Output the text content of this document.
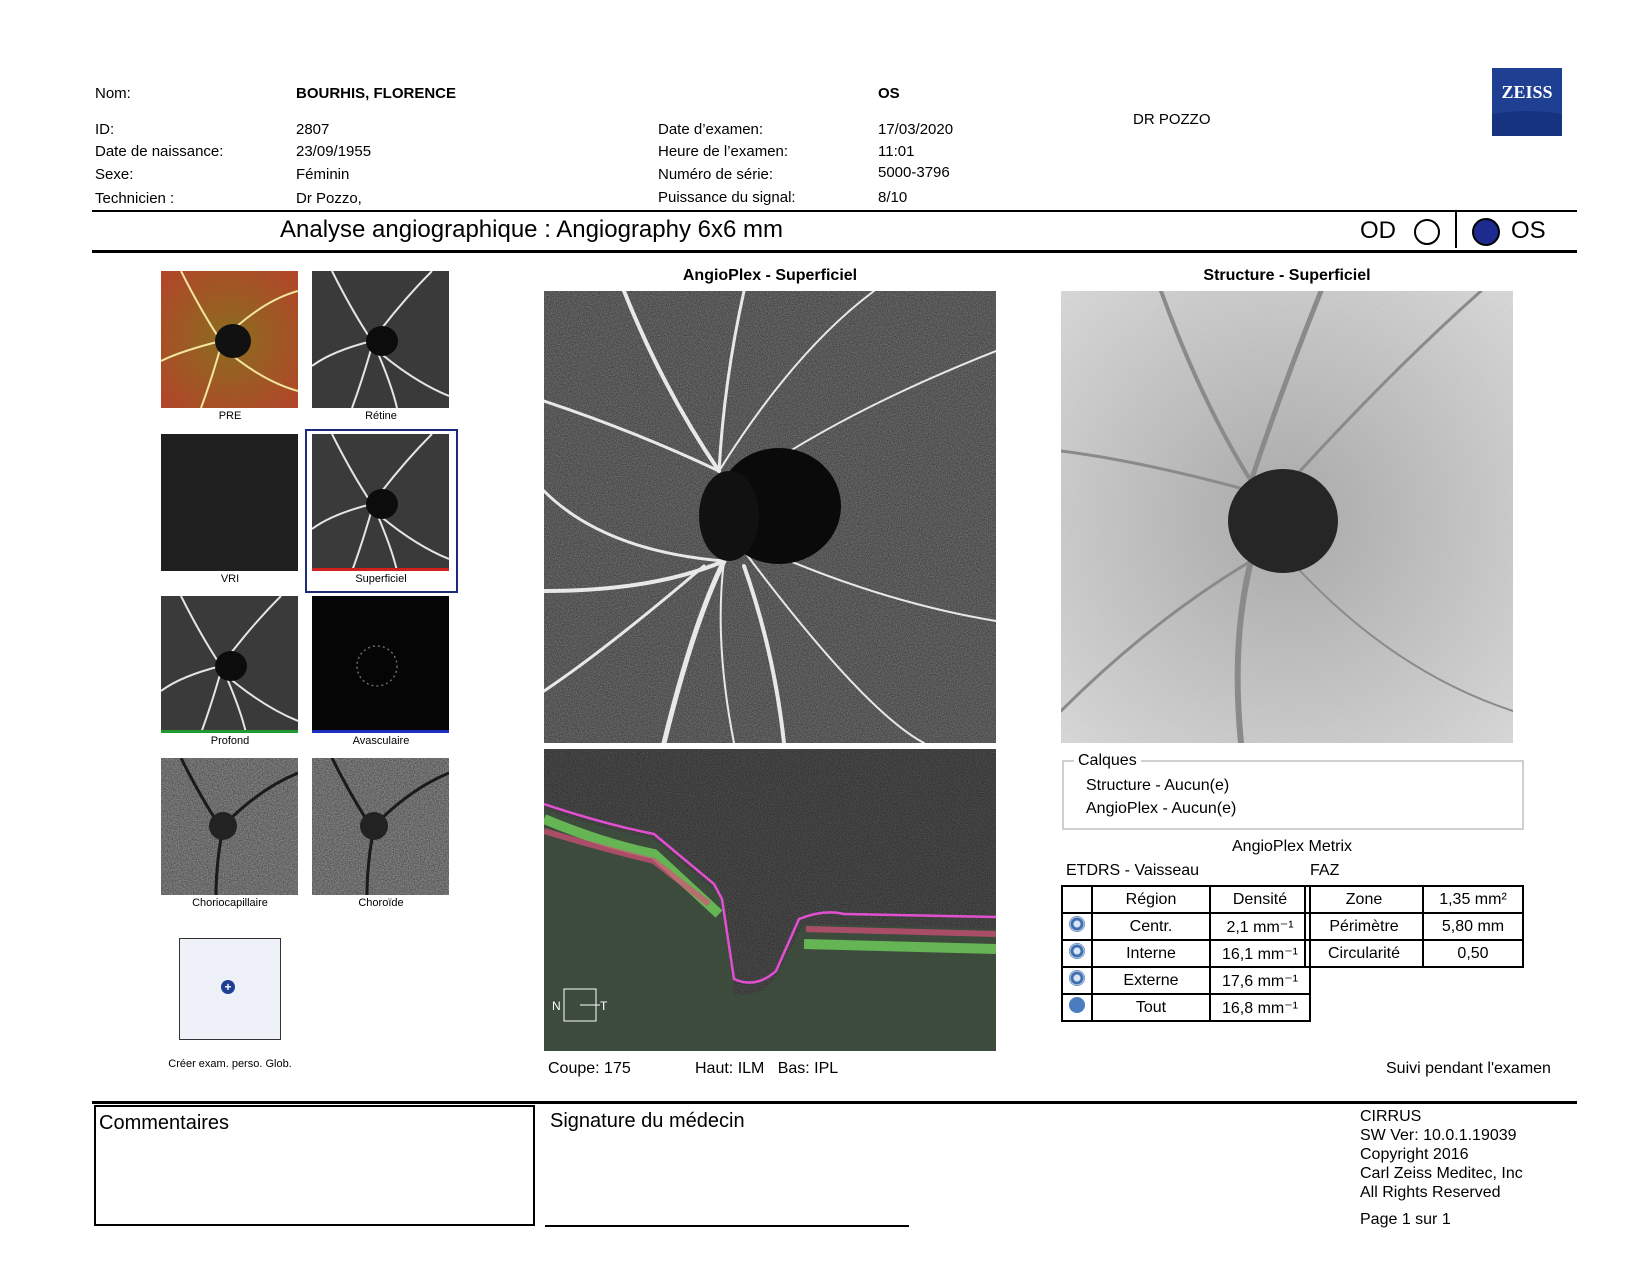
Nom:	BOURHIS, FLORENCE	OS
ID:	2807
Date de naissance:	23/09/1955
Sexe:	Féminin
Technicien :	Dr Pozzo,
Date d’examen:	17/03/2020
Heure de l’examen:	11:01
Numéro de série:	5000-3796
Puissance du signal:	8/10
DR POZZO
ZEISS
Analyse angiographique : Angiography 6x6 mm	OD	OS
PRE	Rétine
VRI	Superficiel
Profond	Avasculaire
Choriocapillaire	Choroïde
+
Créer exam. perso. Glob.
AngioPlex - Superficiel
N	T
Coupe: 175	Haut: ILM   Bas: IPL
Structure - Superficiel
Calques
Structure - Aucun(e)
AngioPlex - Aucun(e)
AngioPlex Metrix
ETDRS - Vaisseau	FAZ
	Région	Densité
	Centr.	2,1 mm⁻¹
	Interne	16,1 mm⁻¹
	Externe	17,6 mm⁻¹
	Tout	16,8 mm⁻¹
Zone	1,35 mm²
Périmètre	5,80 mm
Circularité	0,50
Suivi pendant l'examen
Commentaires	Signature du médecin	CIRRUS
SW Ver: 10.0.1.19039
Copyright 2016
Carl Zeiss Meditec, Inc
All Rights Reserved
Page 1 sur 1
